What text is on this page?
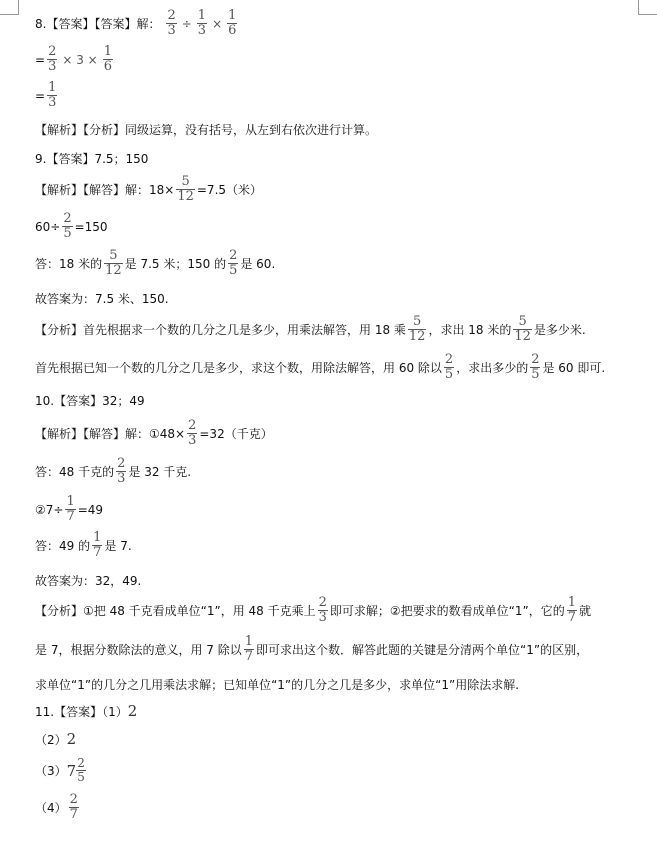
8.【答案】【答案】解： $\frac{2}{3} \div \frac{1}{3} \times \frac{1}{6}$
= $\frac{2}{3} \times 3 \times \frac{1}{6}$
= $\frac{1}{3}$
【解析】【分析】同级运算，没有括号，从左到右依次进行计算。
9.【答案】7.5；150
【解析】【解答】解：$18\times \frac{5}{12} =7.5$（米）
$60\div \frac{2}{5} =150$
答：18 米的 $\frac{5}{12}$ 是 7.5 米；150 的 $\frac{2}{5}$ 是 60.
故答案为：7.5 米、150.
【分析】首先根据求一个数的几分之几是多少，用乘法解答，用 18 乘 $\frac{5}{12}$ ，求出 18 米的 $\frac{5}{12}$ 是多少米.
首先根据已知一个数的几分之几是多少，求这个数，用除法解答，用 60 除以 $\frac{2}{5}$ ，求出多少的 $\frac{2}{5}$ 是 60 即可.
10.【答案】32；49
【解析】【解答】解：①48× $\frac{2}{3} =32$（千克）
答：48 千克的 $\frac{2}{3}$ 是 32 千克.
②7÷ $\frac{1}{7} =49$
答：49 的 $\frac{1}{7}$ 是 7.
故答案为：32，49.
【分析】①把 48 千克看成单位“1”，用 48 千克乘上 $\frac{2}{3}$ 即可求解；②把要求的数看成单位“1”，它的 $\frac{1}{7}$ 就
是 7，根据分数除法的意义，用 7 除以 $\frac{1}{7}$ 即可求出这个数．解答此题的关键是分清两个单位“1”的区别，
求单位“1”的几分之几用乘法求解；已知单位“1”的几分之几是多少，求单位“1”用除法求解.
11.【答案】（1） 2
（2） 2
（3） $7 \frac{2}{5}$
$(4) \frac{2}{7}$
